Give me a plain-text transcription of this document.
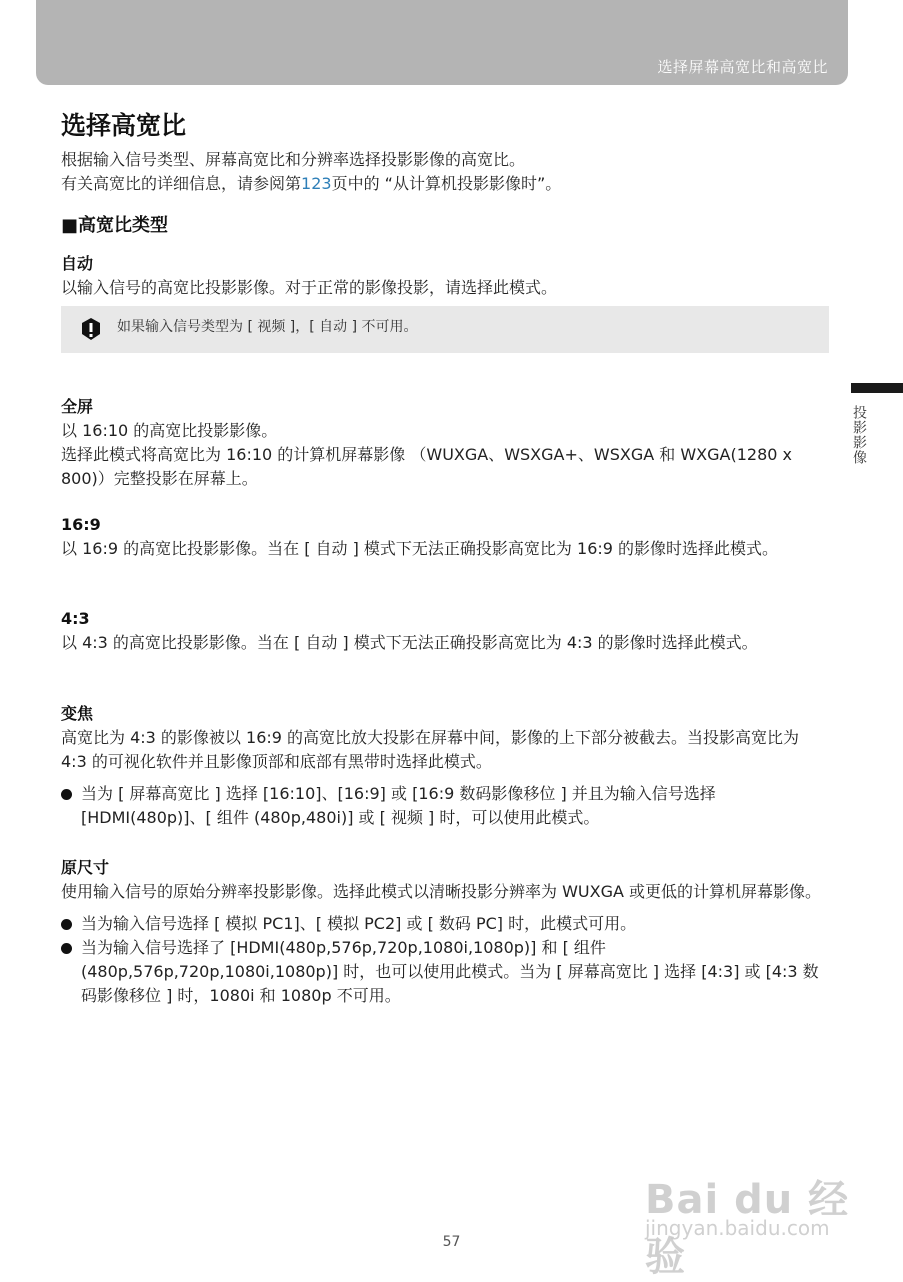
选择屏幕高宽比和高宽比
投影影像
选择高宽比

根据输入信号类型、屏幕高宽比和分辨率选择投影影像的高宽比。

有关高宽比的详细信息，请参阅第123页中的 “从计算机投影影像时”。

■高宽比类型

自动

以输入信号的高宽比投影影像。对于正常的影像投影，请选择此模式。

如果输入信号类型为 [ 视频 ]，[ 自动 ] 不可用。

全屏

以 16:10 的高宽比投影影像。

选择此模式将高宽比为 16:10 的计算机屏幕影像 （WUXGA、WSXGA+、WSXGA 和 WXGA(1280 x 800)）完整投影在屏幕上。

16:9

以 16:9 的高宽比投影影像。当在 [ 自动 ] 模式下无法正确投影高宽比为 16:9 的影像时选择此模式。

4:3

以 4:3 的高宽比投影影像。当在 [ 自动 ] 模式下无法正确投影高宽比为 4:3 的影像时选择此模式。

变焦

高宽比为 4:3 的影像被以 16:9 的高宽比放大投影在屏幕中间，影像的上下部分被截去。当投影高宽比为 4:3 的可视化软件并且影像顶部和底部有黑带时选择此模式。

当为 [ 屏幕高宽比 ] 选择 [16:10]、[16:9] 或 [16:9 数码影像移位 ] 并且为输入信号选择 [HDMI(480p)]、[ 组件 (480p,480i)] 或 [ 视频 ] 时，可以使用此模式。

原尺寸

使用输入信号的原始分辨率投影影像。选择此模式以清晰投影分辨率为 WUXGA 或更低的计算机屏幕影像。

当为输入信号选择 [ 模拟 PC1]、[ 模拟 PC2] 或 [ 数码 PC] 时，此模式可用。
当为输入信号选择了 [HDMI(480p,576p,720p,1080i,1080p)] 和 [ 组件 (480p,576p,720p,1080i,1080p)] 时，也可以使用此模式。当为 [ 屏幕高宽比 ] 选择 [4:3] 或 [4:3 数码影像移位 ] 时，1080i 和 1080p 不可用。
Bai du 经验
jingyan.baidu.com
57
